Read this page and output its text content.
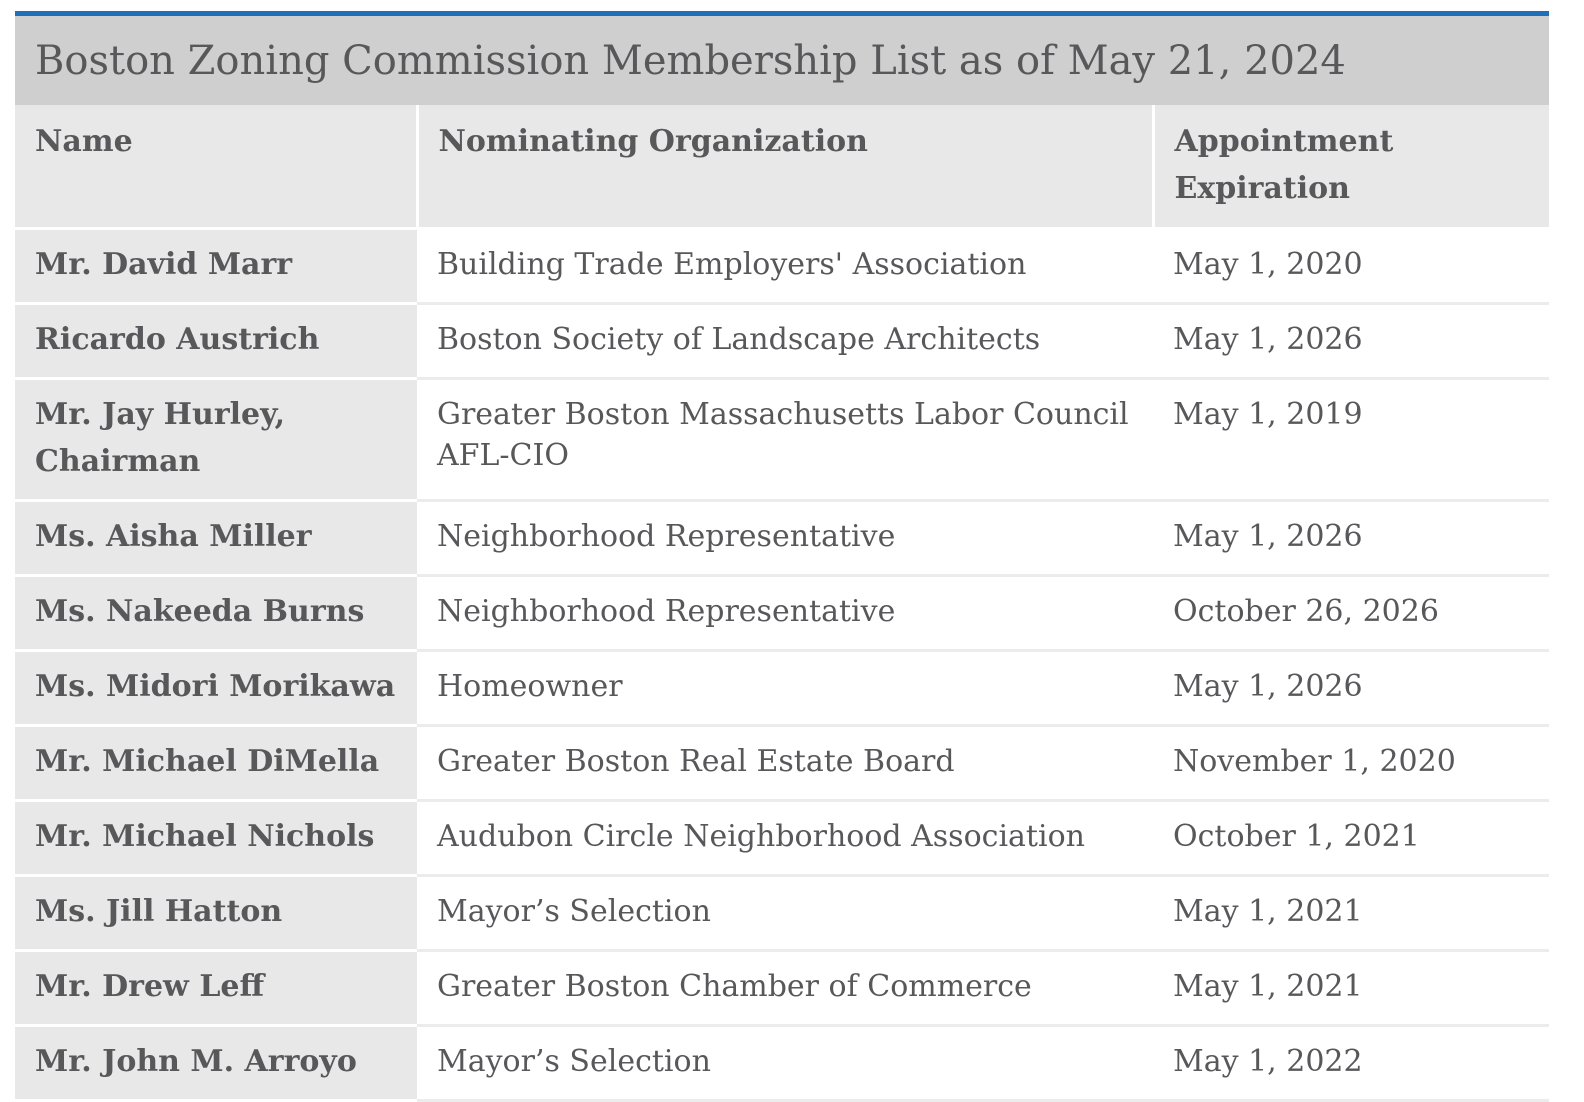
Boston Zoning Commission Membership List as of May 21, 2024
Name	Nominating Organization	Appointment Expiration
Mr. David Marr	Building Trade Employers' Association	May 1, 2020
Ricardo Austrich	Boston Society of Landscape Architects	May 1, 2026
Mr. Jay Hurley, Chairman	Greater Boston Massachusetts Labor Council AFL-CIO	May 1, 2019
Ms. Aisha Miller	Neighborhood Representative	May 1, 2026
Ms. Nakeeda Burns	Neighborhood Representative	October 26, 2026
Ms. Midori Morikawa	Homeowner	May 1, 2026
Mr. Michael DiMella	Greater Boston Real Estate Board	November 1, 2020
Mr. Michael Nichols	Audubon Circle Neighborhood Association	October 1, 2021
Ms. Jill Hatton	Mayor’s Selection	May 1, 2021
Mr. Drew Leff	Greater Boston Chamber of Commerce	May 1, 2021
Mr. John M. Arroyo	Mayor’s Selection	May 1, 2022
